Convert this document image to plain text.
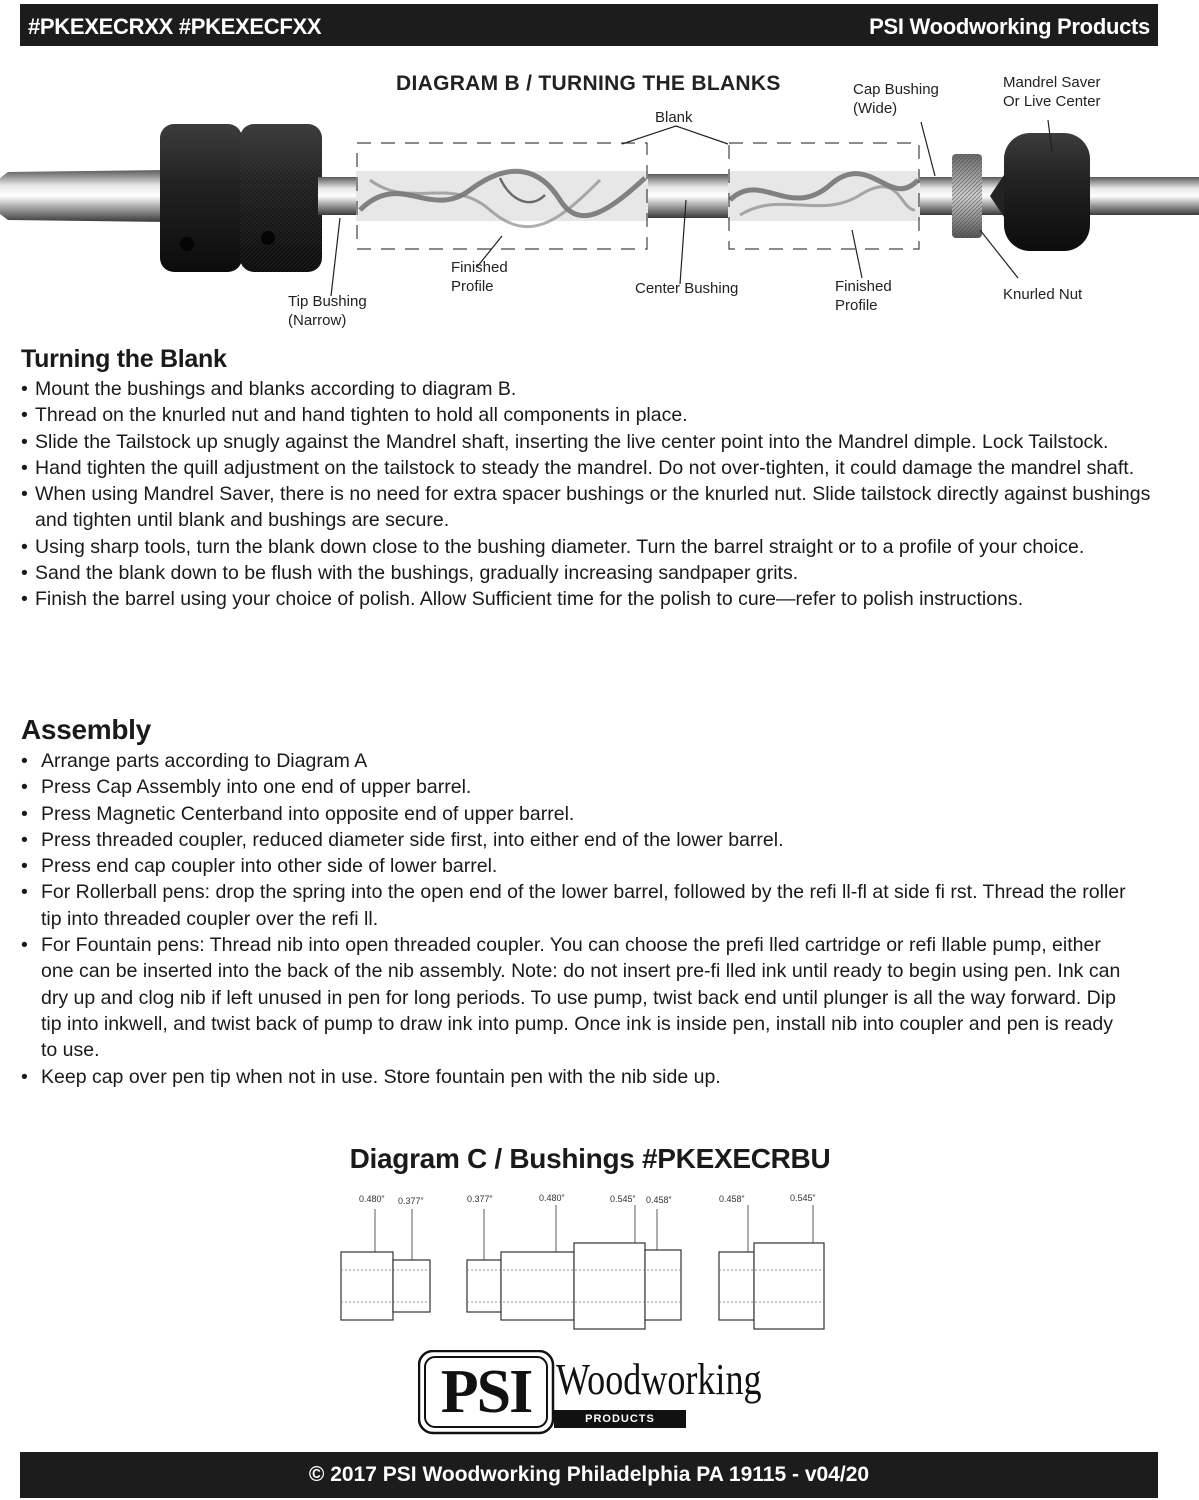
#PKEXECRXX #PKEXECFXX	PSI Woodworking Products
DIAGRAM B / TURNING THE BLANKS
Blank
Cap Bushing
(Wide)
Mandrel Saver
Or Live Center
Finished
Profile
Tip Bushing
(Narrow)
Center Bushing	Finished
Profile
Knurled Nut
Turning the Blank
• Mount the bushings and blanks according to diagram B.
• Thread on the knurled nut and hand tighten to hold all components in place.
• Slide the Tailstock up snugly against the Mandrel shaft, inserting the live center point into the Mandrel dimple. Lock Tailstock.
• Hand tighten the quill adjustment on the tailstock to steady the mandrel. Do not over-tighten, it could damage the mandrel shaft.
• When using Mandrel Saver, there is no need for extra spacer bushings or the knurled nut. Slide tailstock directly against bushings and tighten until blank and bushings are secure.
• Using sharp tools, turn the blank down close to the bushing diameter. Turn the barrel straight or to a profile of your choice.
• Sand the blank down to be flush with the bushings, gradually increasing sandpaper grits.
• Finish the barrel using your choice of polish. Allow Sufficient time for the polish to cure—refer to polish instructions.
Assembly
• Arrange parts according to Diagram A
• Press Cap Assembly into one end of upper barrel.
• Press Magnetic Centerband into opposite end of upper barrel.
• Press threaded coupler, reduced diameter side first, into either end of the lower barrel.
• Press end cap coupler into other side of lower barrel.
• For Rollerball pens: drop the spring into the open end of the lower barrel, followed by the refi ll-fl at side fi rst. Thread the roller tip into threaded coupler over the refi ll.
• For Fountain pens: Thread nib into open threaded coupler. You can choose the prefi lled cartridge or refi llable pump, either one can be inserted into the back of the nib assembly. Note: do not insert pre-fi lled ink until ready to begin using pen. Ink can dry up and clog nib if left unused in pen for long periods. To use pump, twist back end until plunger is all the way forward. Dip tip into inkwell, and twist back of pump to draw ink into pump. Once ink is inside pen, install nib into coupler and pen is ready to use.
• Keep cap over pen tip when not in use. Store fountain pen with the nib side up.
Diagram C / Bushings #PKEXECRBU
0.480” 0.377”	0.377”	0.480”	0.545” 0.458”	0.458”	0.545”
PSI Woodworking
PRODUCTS
© 2017 PSI Woodworking Philadelphia PA 19115 - v04/20
